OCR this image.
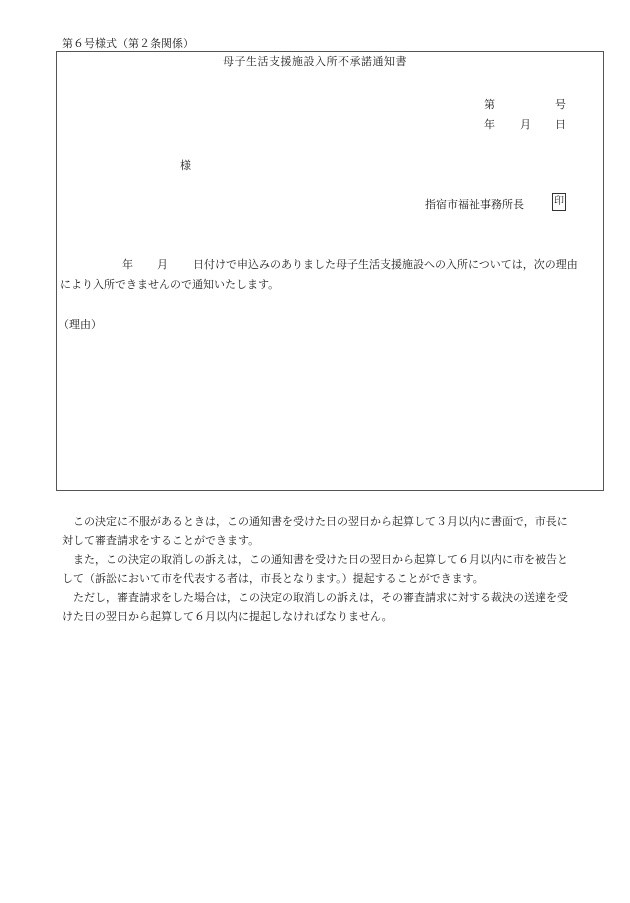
第６号様式（第２条関係）
母子生活支援施設入所不承諾通知書
第	号
年 月 日
様
指宿市福祉事務所長	印
年 月 日付けで申込みのありました母子生活支援施設への入所については，次の理由
により入所できませんので通知いたします。
（理由）

この決定に不服があるときは，この通知書を受けた日の翌日から起算して３月以内に書面で，市長に

対して審査請求をすることができます。

また，この決定の取消しの訴えは，この通知書を受けた日の翌日から起算して６月以内に市を被告と

して（訴訟において市を代表する者は，市長となります。）提起することができます。

ただし，審査請求をした場合は，この決定の取消しの訴えは，その審査請求に対する裁決の送達を受

けた日の翌日から起算して６月以内に提起しなければなりません。
